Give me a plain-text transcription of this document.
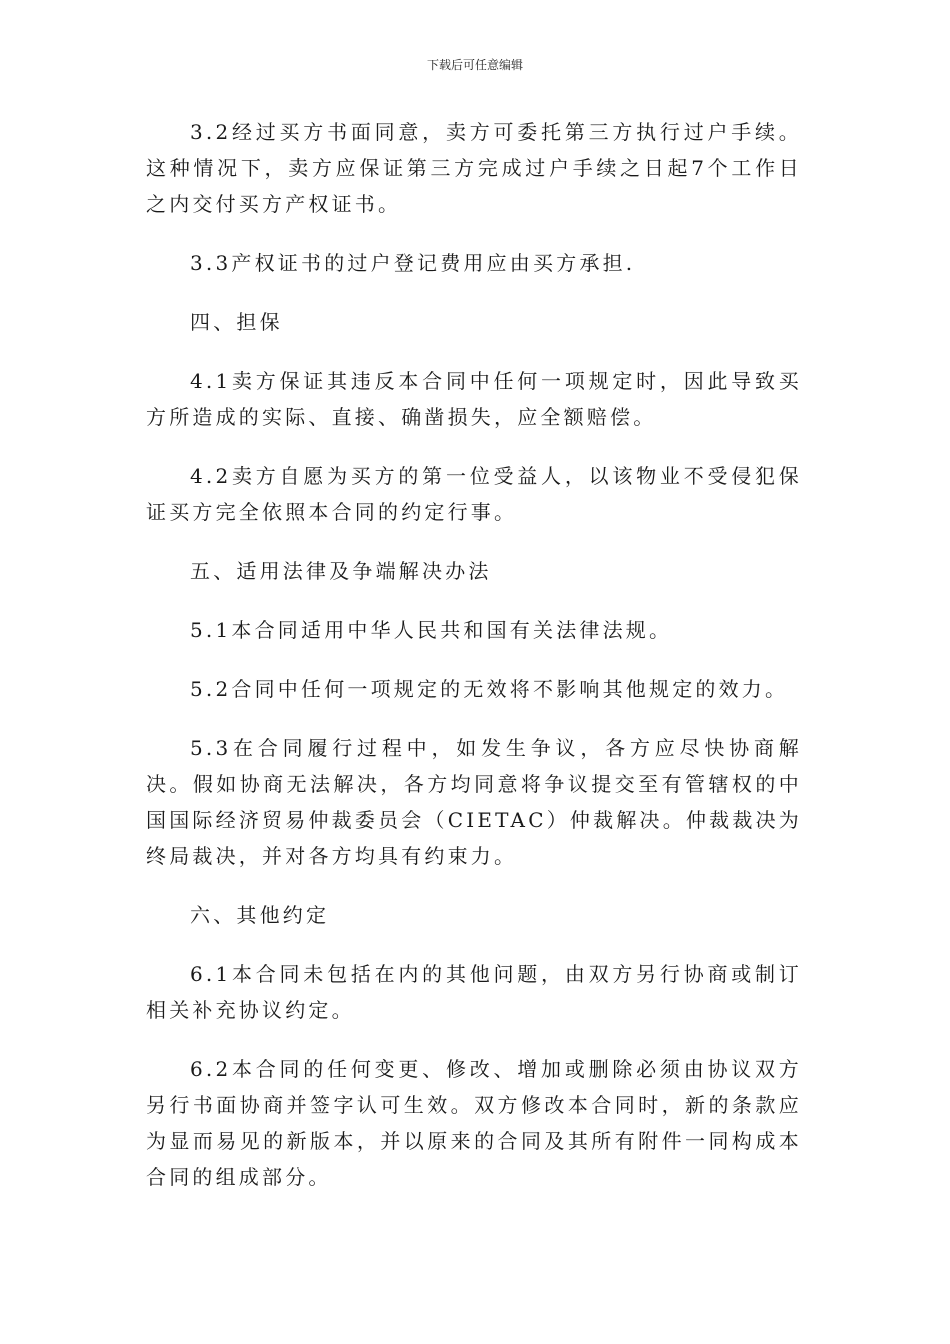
下载后可任意编辑

3.2经过买方书面同意，卖方可委托第三方执行过户手续。这种情况下，卖方应保证第三方完成过户手续之日起7个工作日之内交付买方产权证书。

3.3产权证书的过户登记费用应由买方承担.

四、担保

4.1卖方保证其违反本合同中任何一项规定时，因此导致买方所造成的实际、直接、确凿损失，应全额赔偿。

4.2卖方自愿为买方的第一位受益人，以该物业不受侵犯保证买方完全依照本合同的约定行事。

五、适用法律及争端解决办法

5.1本合同适用中华人民共和国有关法律法规。

5.2合同中任何一项规定的无效将不影响其他规定的效力。

5.3在合同履行过程中，如发生争议，各方应尽快协商解决。假如协商无法解决，各方均同意将争议提交至有管辖权的中国国际经济贸易仲裁委员会（CIETAC）仲裁解决。仲裁裁决为终局裁决，并对各方均具有约束力。

六、其他约定

6.1本合同未包括在内的其他问题，由双方另行协商或制订相关补充协议约定。

6.2本合同的任何变更、修改、增加或删除必须由协议双方另行书面协商并签字认可生效。双方修改本合同时，新的条款应为显而易见的新版本，并以原来的合同及其所有附件一同构成本合同的组成部分。
